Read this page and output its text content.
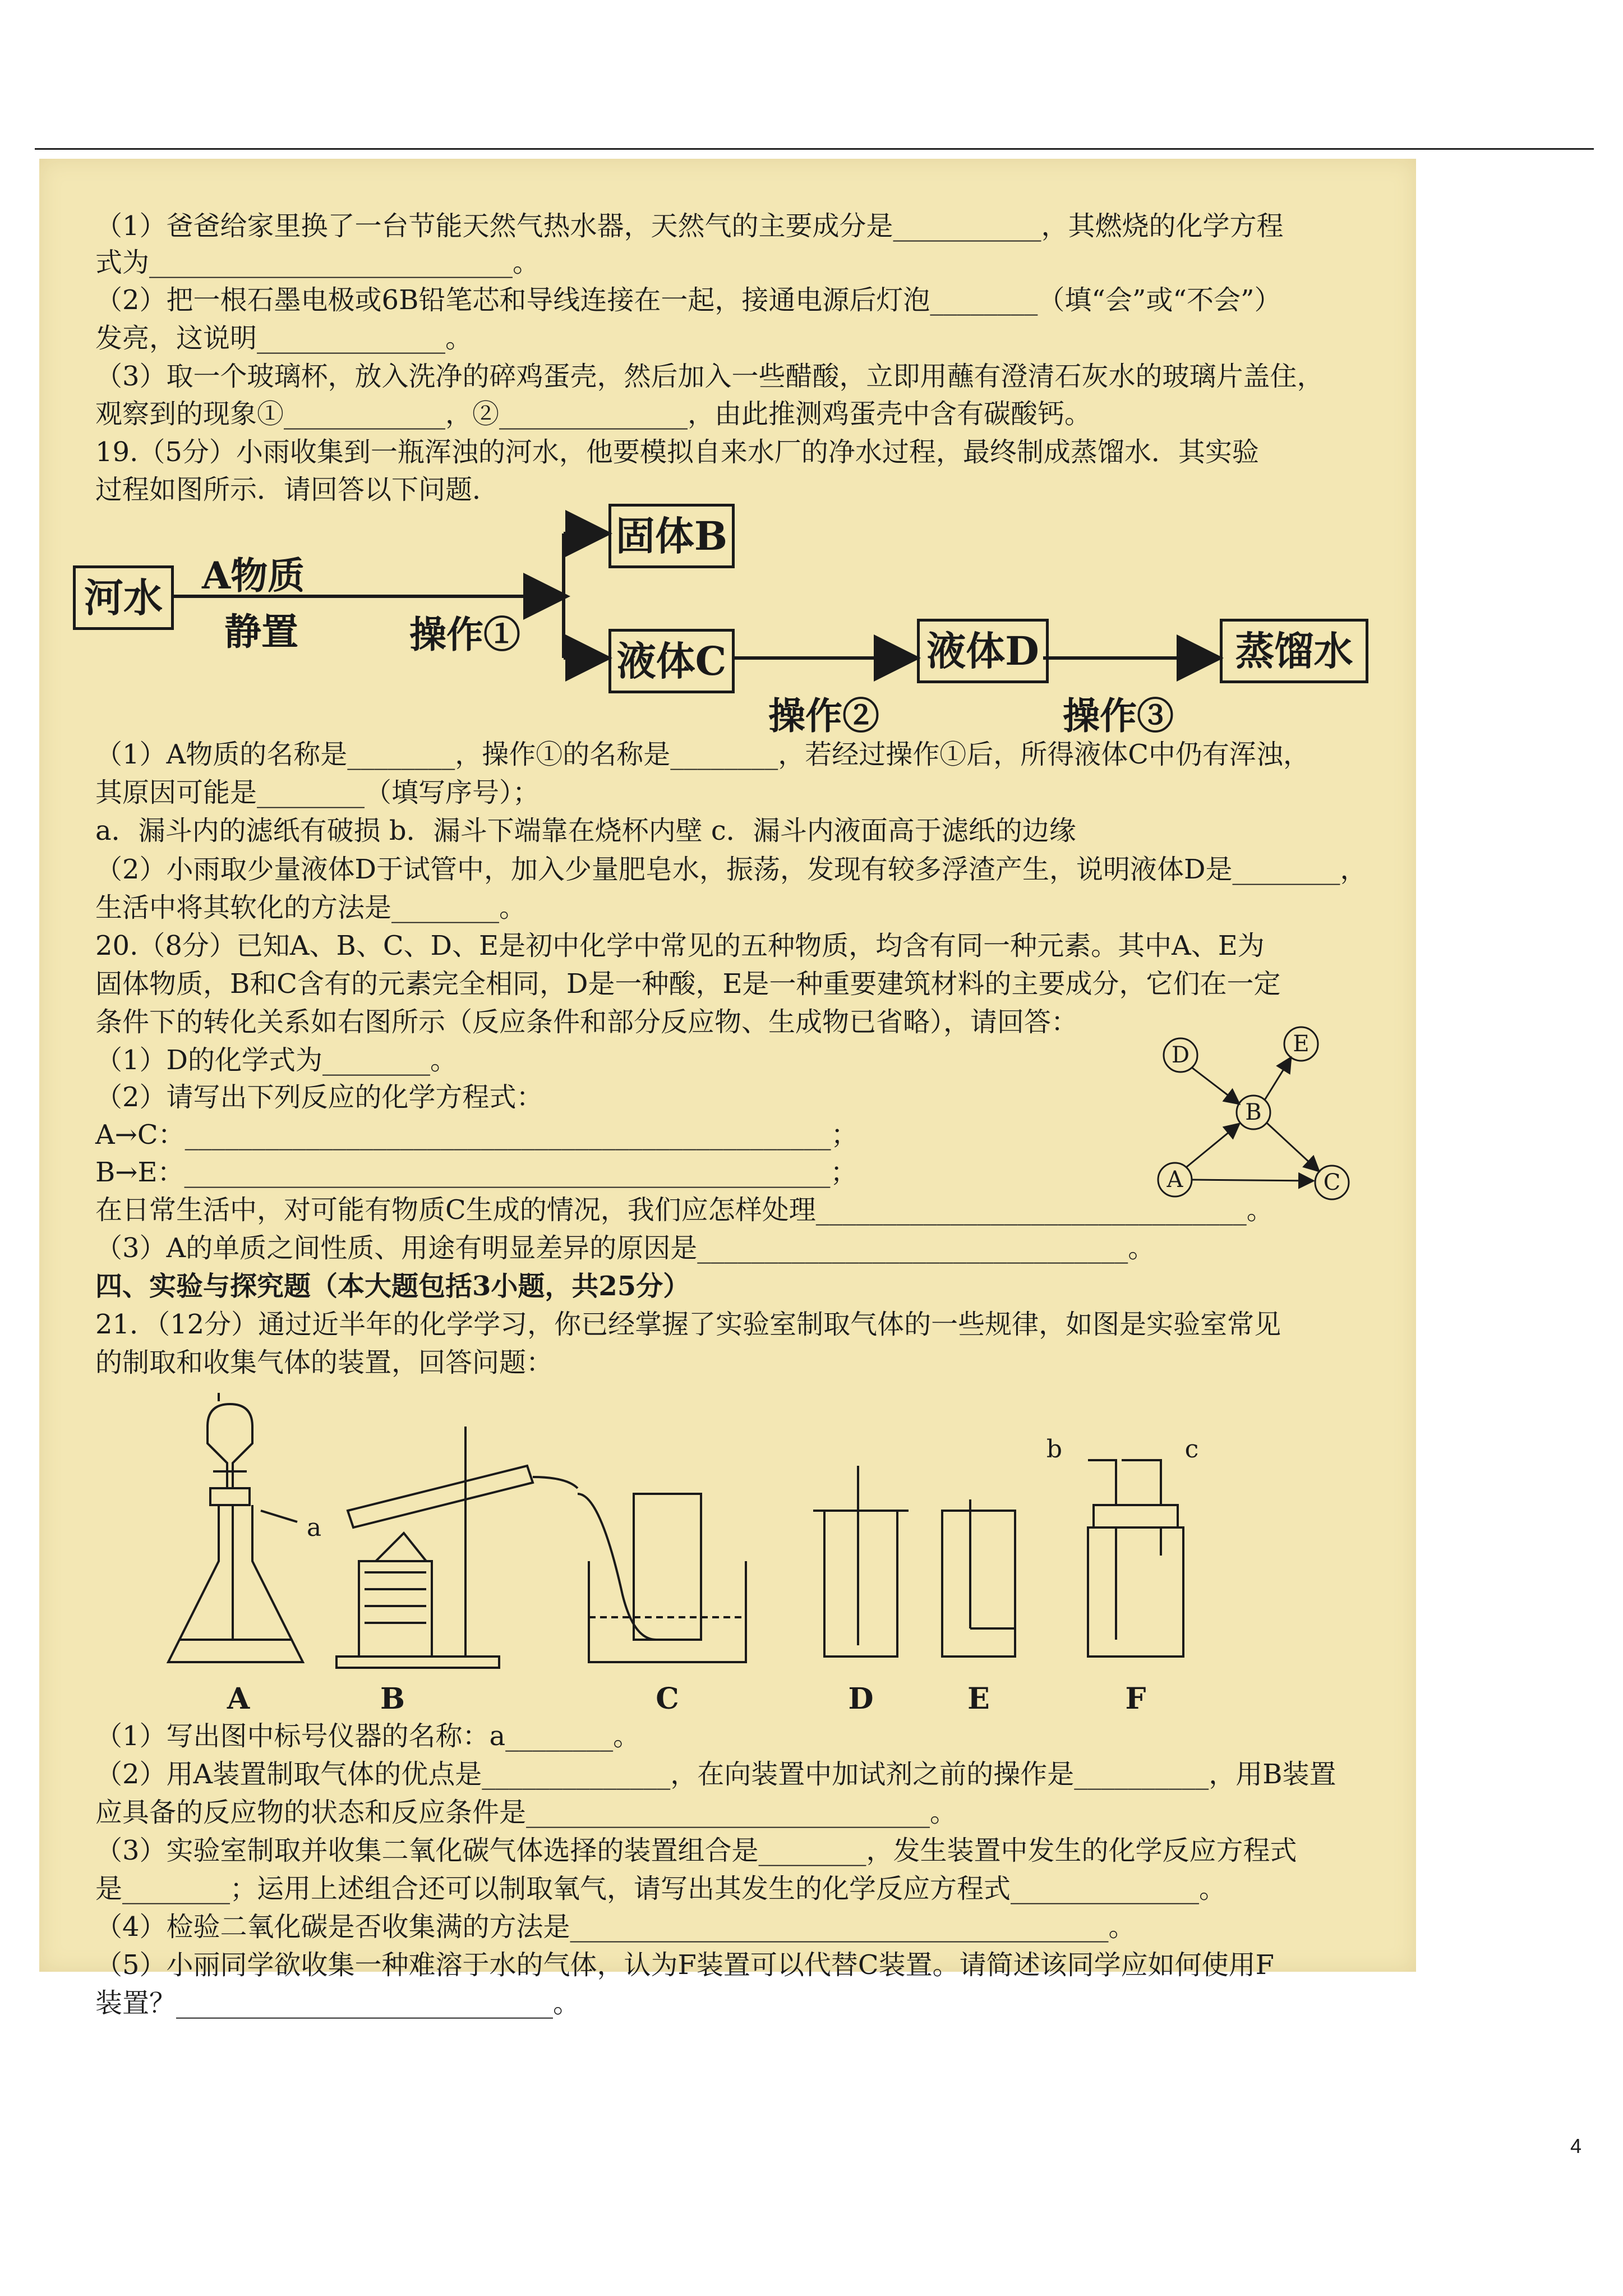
（1）爸爸给家里换了一台节能天然气热水器，天然气的主要成分是___________，其燃烧的化学方程
式为___________________________。
（2）把一根石墨电极或6B铅笔芯和导线连接在一起，接通电源后灯泡________（填“会”或“不会”）
发亮，这说明______________。
（3）取一个玻璃杯，放入洗净的碎鸡蛋壳，然后加入一些醋酸，立即用蘸有澄清石灰水的玻璃片盖住，
观察到的现象①____________，②______________，由此推测鸡蛋壳中含有碳酸钙。
19.（5分）小雨收集到一瓶浑浊的河水，他要模拟自来水厂的净水过程，最终制成蒸馏水．其实验
过程如图所示．请回答以下问题．
河水	A物质
静置	操作①
固体B
液体C
操作②
液体D
操作③
蒸馏水
（1）A物质的名称是________，操作①的名称是________，若经过操作①后，所得液体C中仍有浑浊，
其原因可能是________（填写序号）；
a．漏斗内的滤纸有破损 b．漏斗下端靠在烧杯内壁 c．漏斗内液面高于滤纸的边缘
（2）小雨取少量液体D于试管中，加入少量肥皂水，振荡，发现有较多浮渣产生，说明液体D是________，
生活中将其软化的方法是________。
20.（8分）已知A、B、C、D、E是初中化学中常见的五种物质，均含有同一种元素。其中A、E为
固体物质，B和C含有的元素完全相同，D是一种酸，E是一种重要建筑材料的主要成分，它们在一定
条件下的转化关系如右图所示（反应条件和部分反应物、生成物已省略），请回答：
（1）D的化学式为________。
（2）请写出下列反应的化学方程式：
A→C：________________________________________________；
B→E：________________________________________________；
在日常生活中，对可能有物质C生成的情况，我们应怎样处理________________________________。
（3）A的单质之间性质、用途有明显差异的原因是________________________________。
D	E
B
A	C
四、实验与探究题（本大题包括3小题，共25分）
21．（12分）通过近半年的化学学习，你已经掌握了实验室制取气体的一些规律，如图是实验室常见
的制取和收集气体的装置，回答问题：
b	c
a
A	B	C	D	E	F
（1）写出图中标号仪器的名称：a________。
（2）用A装置制取气体的优点是______________，在向装置中加试剂之前的操作是__________，用B装置
应具备的反应物的状态和反应条件是______________________________。
（3）实验室制取并收集二氧化碳气体选择的装置组合是________，发生装置中发生的化学反应方程式
是________；运用上述组合还可以制取氧气，请写出其发生的化学反应方程式______________。
（4）检验二氧化碳是否收集满的方法是________________________________________。
（5）小丽同学欲收集一种难溶于水的气体，认为F装置可以代替C装置。请简述该同学应如何使用F
装置？____________________________。
4
